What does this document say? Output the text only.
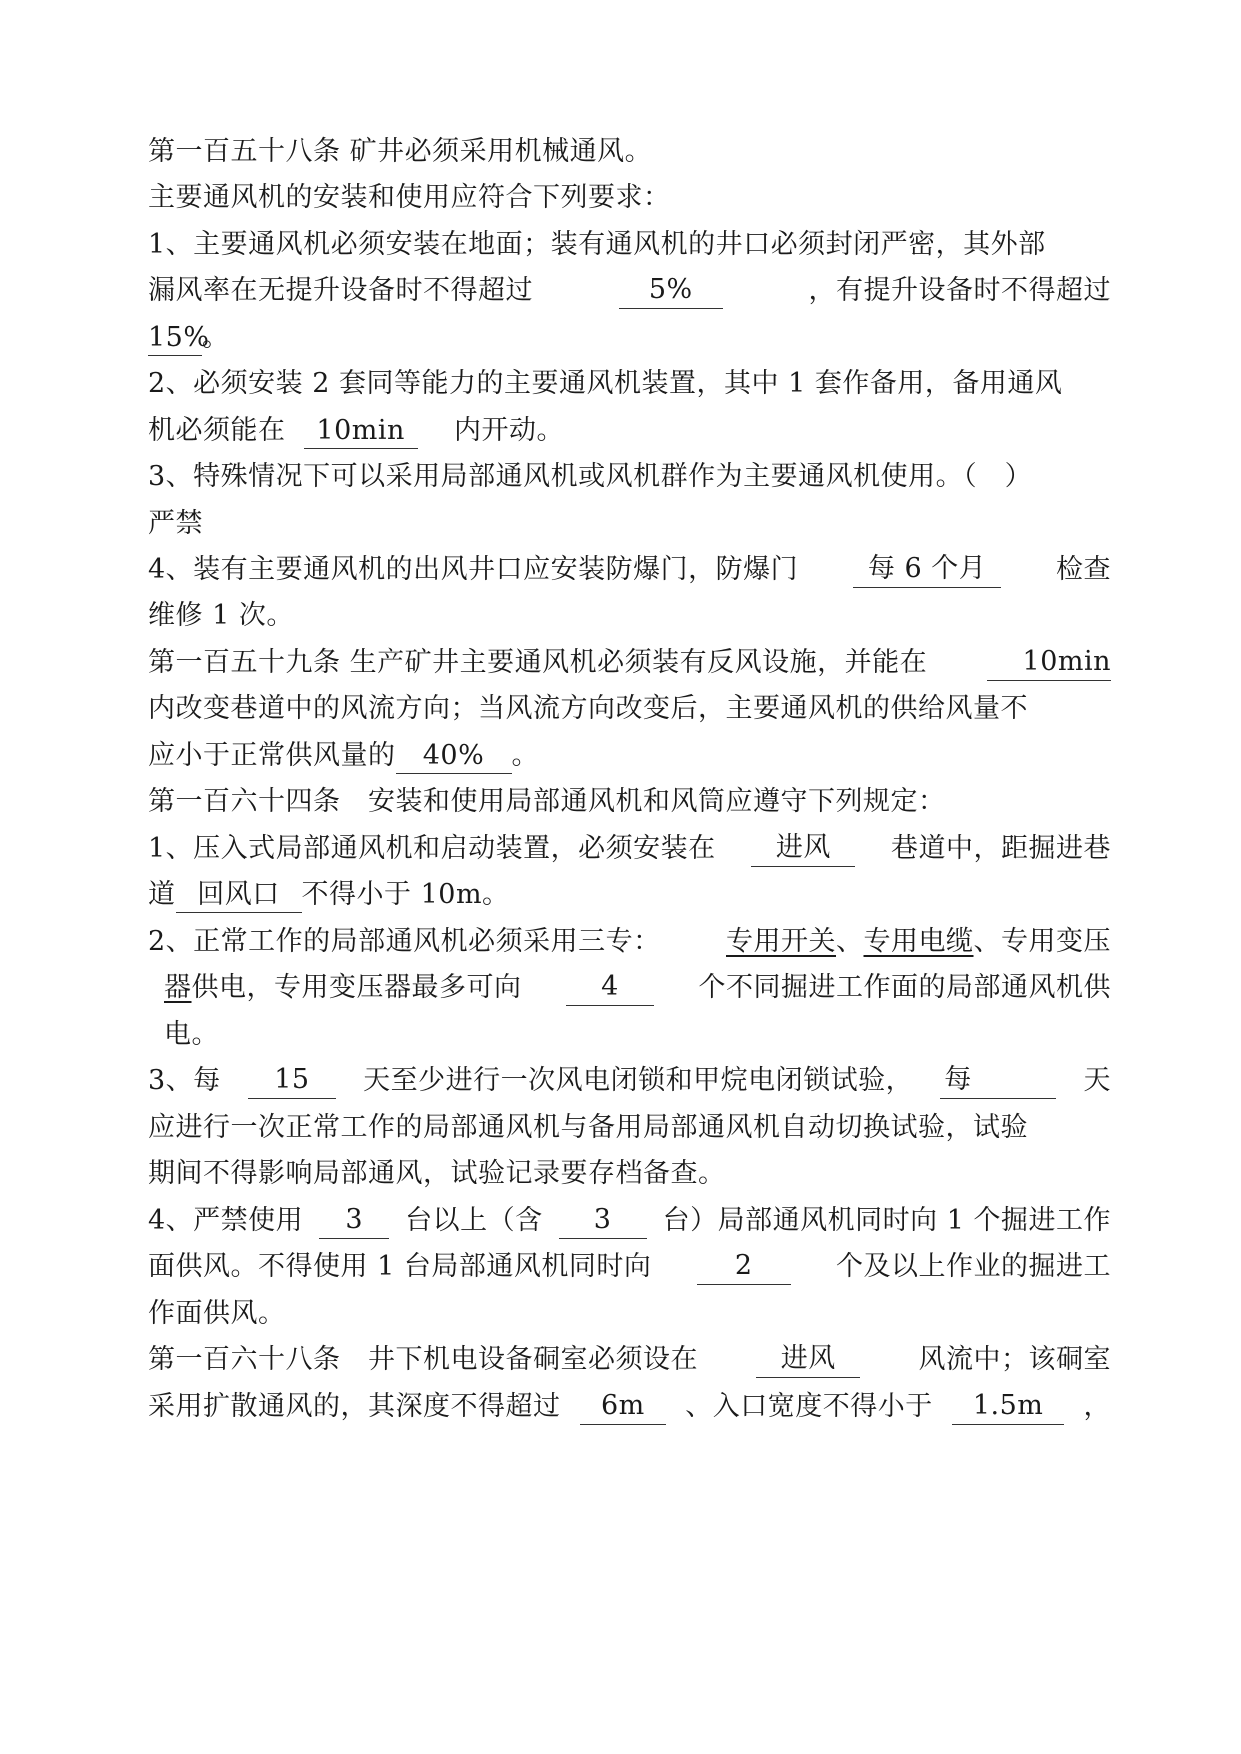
第一百五十八条 矿井必须采用机械通风。
主要通风机的安装和使用应符合下列要求：
1、主要通风机必须安装在地面；装有通风机的井口必须封闭严密，其外部
漏风率在无提升设备时不得超过	5%	，有提升设备时不得超过
15%。
2、必须安装 2 套同等能力的主要通风机装置，其中 1 套作备用，备用通风
机必须能在 10min 内开动。
3、特殊情况下可以采用局部通风机或风机群作为主要通风机使用。（　）
严禁
4、装有主要通风机的出风井口应安装防爆门，防爆门	每 6 个月	检查
维修 1 次。
第一百五十九条 生产矿井主要通风机必须装有反风设施，并能在	10min
内改变巷道中的风流方向；当风流方向改变后，主要通风机的供给风量不
应小于正常供风量的 40% 。
第一百六十四条　安装和使用局部通风机和风筒应遵守下列规定：
1、压入式局部通风机和启动装置，必须安装在	进风	巷道中，距掘进巷
道 回风口 不得小于 10m。
2、正常工作的局部通风机必须采用三专： 专用开关、专用电缆、专用变压
器供电，专用变压器最多可向	4	个不同掘进工作面的局部通风机供
电。
3、每	15	天至少进行一次风电闭锁和甲烷电闭锁试验， 每	天
应进行一次正常工作的局部通风机与备用局部通风机自动切换试验，试验
期间不得影响局部通风，试验记录要存档备查。
4、严禁使用	3	台以上（含	3	台）局部通风机同时向 1 个掘进工作
面供风。不得使用 1 台局部通风机同时向	2	个及以上作业的掘进工
作面供风。
第一百六十八条　井下机电设备硐室必须设在	进风	风流中；该硐室
采用扩散通风的，其深度不得超过	6m	、入口宽度不得小于	1.5m	，
